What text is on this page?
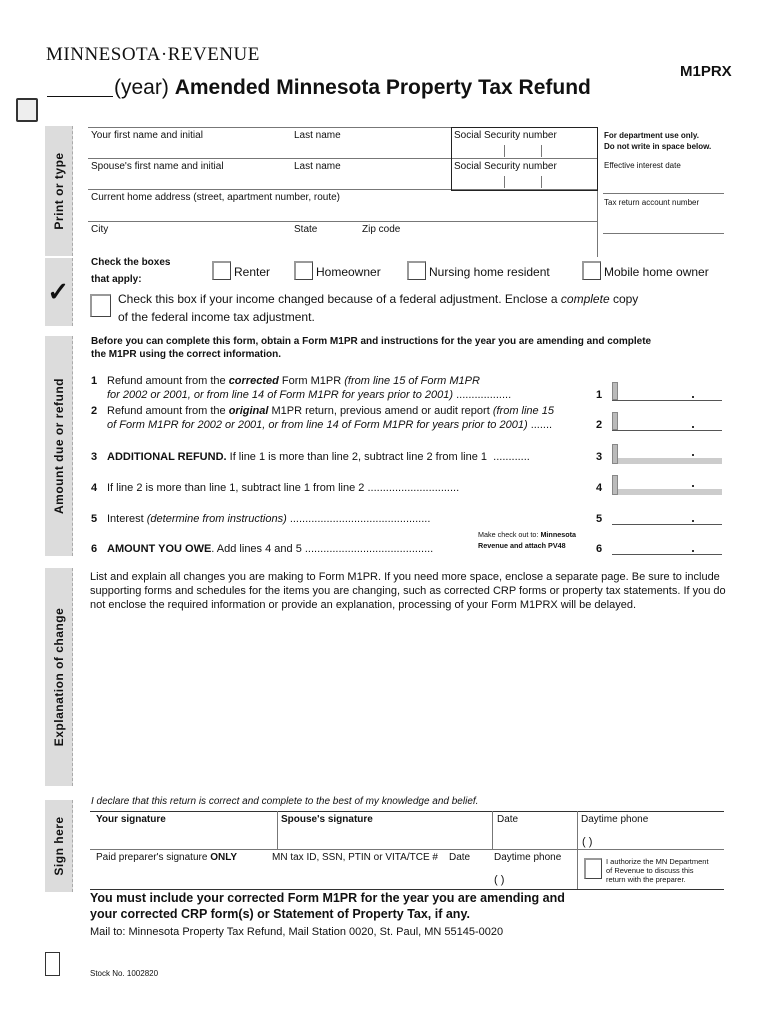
MINNESOTA·REVENUE
M1PRX
(year) Amended Minnesota Property Tax Refund
Print or type
✓
Amount due or refund
Explanation of change
Sign here
Your first name and initial	Last name	Social Security number
Spouse's first name and initial	Last name	Social Security number
Current home address (street, apartment number, route)
City	State	Zip code
For department use only.
Do not write in space below.
Effective interest date
Tax return account number
Check the boxes
that apply:
Renter	Homeowner	Nursing home resident	Mobile home owner
Check this box if your income changed because of a federal adjustment. Enclose a complete copy
of the federal income tax adjustment.
Before you can complete this form, obtain a Form M1PR and instructions for the year you are amending and complete
the M1PR using the correct information.
1 Refund amount from the corrected Form M1PR (from line 15 of Form M1PR
for 2002 or 2001, or from line 14 of Form M1PR for years prior to 2001) ..................	1
2 Refund amount from the original M1PR return, previous amend or audit report (from line 15
of Form M1PR for 2002 or 2001, or from line 14 of Form M1PR for years prior to 2001) .......	2
3 ADDITIONAL REFUND. If line 1 is more than line 2, subtract line 2 from line 1 ............	3
4 If line 2 is more than line 1, subtract line 1 from line 2 ..............................	4
5 Interest (determine from instructions) ..............................................	5
Make check out to: Minnesota
Revenue and attach PV48
6 AMOUNT YOU OWE. Add lines 4 and 5 ..........................................	6
List and explain all changes you are making to Form M1PR. If you need more space, enclose a separate page. Be sure to include supporting forms and schedules for the items you are changing, such as corrected CRP forms or property tax statements. If you do not enclose the required information or provide an explanation, processing of your Form M1PRX will be delayed.
I declare that this return is correct and complete to the best of my knowledge and belief.
Your signature	Spouse's signature	Date	Daytime phone
( )
Paid preparer's signature ONLY	MN tax ID, SSN, PTIN or VITA/TCE # Date Daytime phone
( )
I authorize the MN Department
of Revenue to discuss this
return with the preparer.
You must include your corrected Form M1PR for the year you are amending and
your corrected CRP form(s) or Statement of Property Tax, if any.
Mail to: Minnesota Property Tax Refund, Mail Station 0020, St. Paul, MN 55145-0020
Stock No. 1002820
